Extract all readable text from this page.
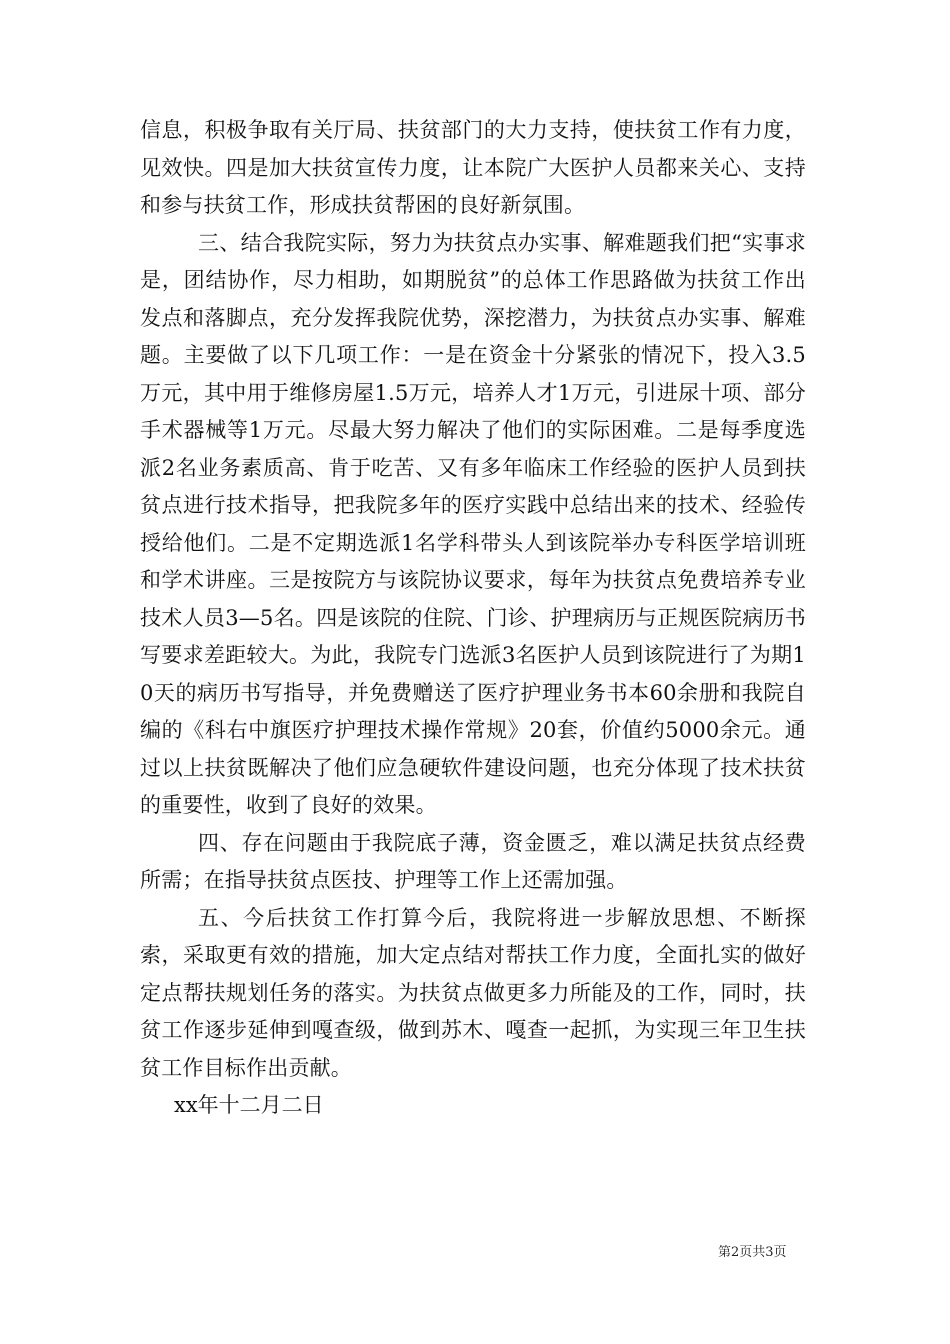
信息，积极争取有关厅局、扶贫部门的大力支持，使扶贫工作有力度，见效快。四是加大扶贫宣传力度，让本院广大医护人员都来关心、支持和参与扶贫工作，形成扶贫帮困的良好新氛围。

三、结合我院实际，努力为扶贫点办实事、解难题我们把“实事求是，团结协作，尽力相助，如期脱贫”的总体工作思路做为扶贫工作出发点和落脚点，充分发挥我院优势，深挖潜力，为扶贫点办实事、解难题。主要做了以下几项工作：一是在资金十分紧张的情况下，投入3.5万元，其中用于维修房屋1.5万元，培养人才1万元，引进尿十项、部分手术器械等1万元。尽最大努力解决了他们的实际困难。二是每季度选派2名业务素质高、肯于吃苦、又有多年临床工作经验的医护人员到扶贫点进行技术指导，把我院多年的医疗实践中总结出来的技术、经验传授给他们。二是不定期选派1名学科带头人到该院举办专科医学培训班和学术讲座。三是按院方与该院协议要求，每年为扶贫点免费培养专业技术人员3—5名。四是该院的住院、门诊、护理病历与正规医院病历书写要求差距较大。为此，我院专门选派3名医护人员到该院进行了为期10天的病历书写指导，并免费赠送了医疗护理业务书本60余册和我院自编的《科右中旗医疗护理技术操作常规》20套，价值约5000余元。通过以上扶贫既解决了他们应急硬软件建设问题，也充分体现了技术扶贫的重要性，收到了良好的效果。

四、存在问题由于我院底子薄，资金匮乏，难以满足扶贫点经费所需；在指导扶贫点医技、护理等工作上还需加强。

五、今后扶贫工作打算今后，我院将进一步解放思想、不断探索，采取更有效的措施，加大定点结对帮扶工作力度，全面扎实的做好定点帮扶规划任务的落实。为扶贫点做更多力所能及的工作，同时，扶贫工作逐步延伸到嘎查级，做到苏木、嘎查一起抓，为实现三年卫生扶贫工作目标作出贡献。

xx年十二月二日

第2页共3页
